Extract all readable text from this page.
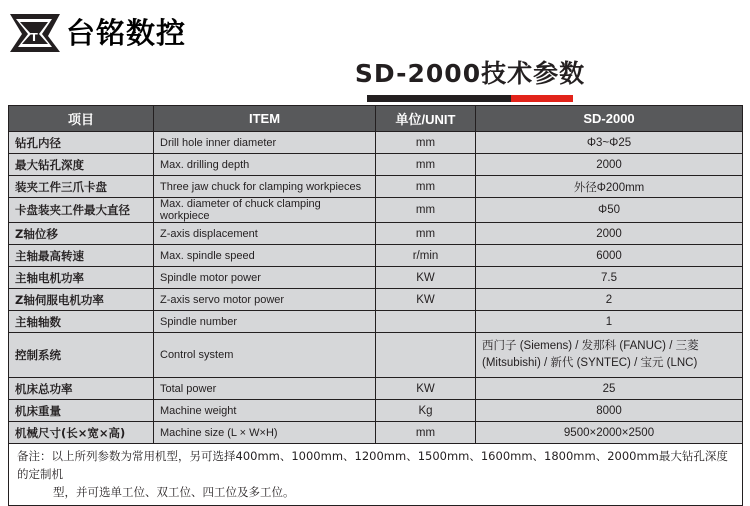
T 台铭数控
SD-2000技术参数
项目	ITEM	单位/UNIT	SD-2000
钻孔内径	Drill hole inner diameter	mm	Φ3~Φ25
最大钻孔深度	Max. drilling depth	mm	2000
装夹工件三爪卡盘	Three jaw chuck for clamping workpieces	mm	外径Φ200mm
卡盘装夹工件最大直径	Max. diameter of chuck clamping workpiece	mm	Φ50
Z轴位移	Z-axis displacement	mm	2000
主轴最高转速	Max. spindle speed	r/min	6000
主轴电机功率	Spindle motor power	KW	7.5
Z轴伺服电机功率	Z-axis servo motor power	KW	2
主轴轴数	Spindle number		1
控制系统	Control system		西门子 (Siemens) / 发那科 (FANUC) / 三菱 (Mitsubishi) / 新代 (SYNTEC) / 宝元 (LNC)
机床总功率	Total power	KW	25
机床重量	Machine weight	Kg	8000
机械尺寸(长×宽×高)	Machine size (L × W×H)	mm	9500×2000×2500

备注：以上所列参数为常用机型，另可选择400mm、1000mm、1200mm、1500mm、1600mm、1800mm、2000mm最大钻孔深度的定制机
型，并可选单工位、双工位、四工位及多工位。			
